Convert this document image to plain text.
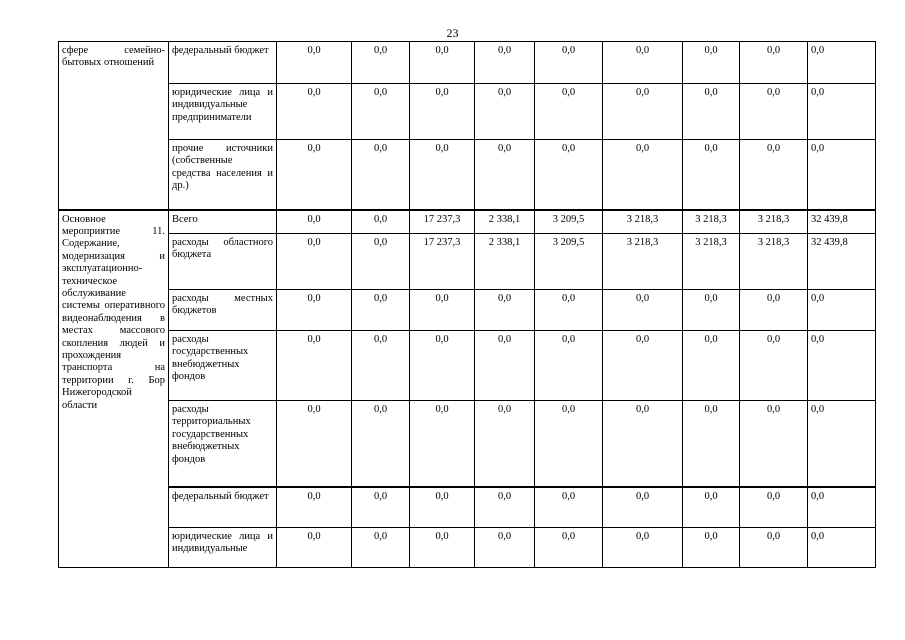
23
сфере семейно-бытовых отношений	федеральный бюджет	0,0	0,0	0,0	0,0	0,0	0,0	0,0	0,0	0,0
	юридические лица и индивидуальные предприниматели	0,0	0,0	0,0	0,0	0,0	0,0	0,0	0,0	0,0
	прочие источники (собственные средства населения и др.)	0,0	0,0	0,0	0,0	0,0	0,0	0,0	0,0	0,0
Основное мероприятие 11. Содержание, модернизация и эксплуатационно-техническое обслуживание системы оперативного видеонаблюдения в местах массового скопления людей и прохождения транспорта на территории г. Бор Нижегородской области	Всего	0,0	0,0	17 237,3	2 338,1	3 209,5	3 218,3	3 218,3	3 218,3	32 439,8
	расходы областного бюджета	0,0	0,0	17 237,3	2 338,1	3 209,5	3 218,3	3 218,3	3 218,3	32 439,8
	расходы местных бюджетов	0,0	0,0	0,0	0,0	0,0	0,0	0,0	0,0	0,0
	расходы государственных внебюджетных фондов	0,0	0,0	0,0	0,0	0,0	0,0	0,0	0,0	0,0
	расходы территориальных государственных внебюджетных фондов	0,0	0,0	0,0	0,0	0,0	0,0	0,0	0,0	0,0
	федеральный бюджет	0,0	0,0	0,0	0,0	0,0	0,0	0,0	0,0	0,0
	юридические лица и индивидуальные	0,0	0,0	0,0	0,0	0,0	0,0	0,0	0,0	0,0
